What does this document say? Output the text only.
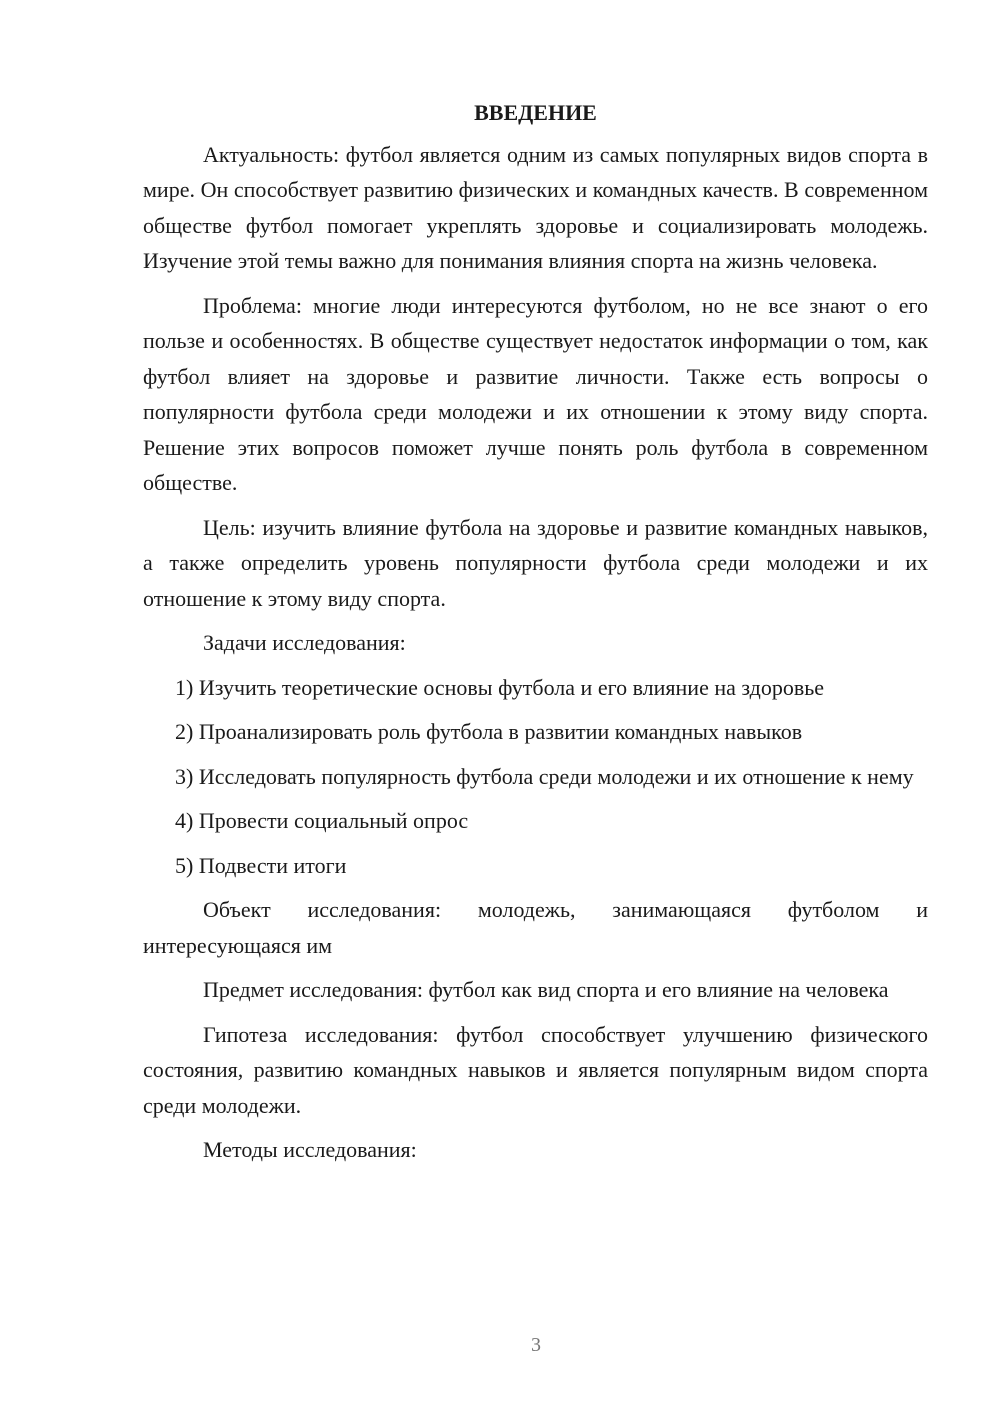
ВВЕДЕНИЕ

Актуальность: футбол является одним из самых популярных видов спорта в мире. Он способствует развитию физических и командных качеств. В современном обществе футбол помогает укреплять здоровье и социализировать молодежь. Изучение этой темы важно для понимания влияния спорта на жизнь человека.

Проблема: многие люди интересуются футболом, но не все знают о его пользе и особенностях. В обществе существует недостаток информации о том, как футбол влияет на здоровье и развитие личности. Также есть вопросы о популярности футбола среди молодежи и их отношении к этому виду спорта. Решение этих вопросов поможет лучше понять роль футбола в современном обществе.

Цель: изучить влияние футбола на здоровье и развитие командных навыков, а также определить уровень популярности футбола среди молодежи и их отношение к этому виду спорта.

Задачи исследования:

1) Изучить теоретические основы футбола и его влияние на здоровье

2) Проанализировать роль футбола в развитии командных навыков

3) Исследовать популярность футбола среди молодежи и их отношение к нему

4) Провести социальный опрос

5) Подвести итоги

Объект исследования: молодежь, занимающаяся футболом и интересующаяся им

Предмет исследования: футбол как вид спорта и его влияние на человека

Гипотеза исследования: футбол способствует улучшению физического состояния, развитию командных навыков и является популярным видом спорта среди молодежи.

Методы исследования:

3
